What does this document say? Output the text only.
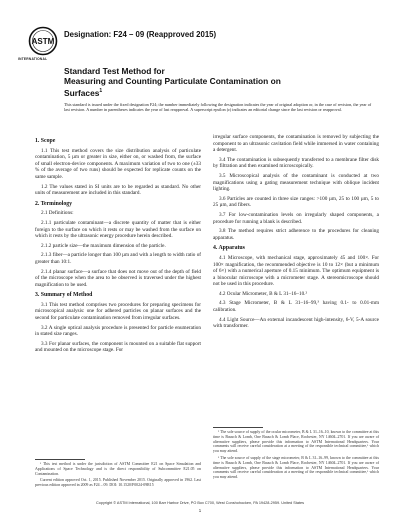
ASTM
INTERNATIONAL
Designation: F24 – 09 (Reapproved 2015)
Standard Test Method for
Measuring and Counting Particulate Contamination on
Surfaces$^1$
This standard is issued under the fixed designation F24; the number immediately following the designation indicates the year of original adoption or, in the case of revision, the year of last revision. A number in parentheses indicates the year of last reapproval. A superscript epsilon (ε) indicates an editorial change since the last revision or reapproval.
1. Scope

1.1 This test method covers the size distribution analysis of particulate contamination, 5 µm or greater in size, either on, or washed from, the surface of small electron-device components. A maximum variation of two to one (±33 % of the average of two runs) should be expected for replicate counts on the same sample.

1.2 The values stated in SI units are to be regarded as standard. No other units of measurement are included in this standard.

2. Terminology

2.1 Definitions:

2.1.1 particulate contaminant—a discrete quantity of matter that is either foreign to the surface on which it rests or may be washed from the surface on which it rests by the ultrasonic energy procedure herein described.

2.1.2 particle size—the maximum dimension of the particle.

2.1.3 fiber—a particle longer than 100 µm and with a length to width ratio of greater than 10:1.

2.1.4 planar surface—a surface that does not move out of the depth of field of the microscope when the area to be observed is traversed under the highest magnification to be used.

3. Summary of Method

3.1 This test method comprises two procedures for preparing specimens for microscopical analysis: one for adhered particles on planar surfaces and the second for particulate contamination removed from irregular surfaces.

3.2 A single optical analysis procedure is presented for particle enumeration in stated size ranges.

3.3 For planar surfaces, the component is mounted on a suitable flat support and mounted on the microscope stage. For

irregular surface components, the contamination is removed by subjecting the component to an ultrasonic cavitation field while immersed in water containing a detergent.

3.4 The contamination is subsequently transferred to a membrane filter disk by filtration and then examined microscopically.

3.5 Microscopical analysis of the contaminant is conducted at two magnifications using a gating measurement technique with oblique incident lighting.

3.6 Particles are counted in three size ranges: >100 µm, 25 to 100 µm, 5 to 25 µm, and fibers.

3.7 For low-contamination levels on irregularly shaped components, a procedure for running a blank is described.

3.8 The method requires strict adherence to the procedures for cleaning apparatus.

4. Apparatus

4.1 Microscope, with mechanical stage, approximately 45 and 100×. For 100× magnification, the recommended objective is 10 to 12× (but a minimum of 6×) with a numerical aperture of 0.15 minimum. The optimum equipment is a binocular microscope with a micrometer stage. A stereomicroscope should not be used in this procedure.

4.2 Ocular Micrometer, B & L 31–16–10.²

4.3 Stage Micrometer, B & L 31–16–99,³ having 0.1- to 0.01-mm calibration.

4.4 Light Source—An external incandescent high-intensity, 6-V, 5-A source with transformer.

¹ This test method is under the jurisdiction of ASTM Committee E21 on Space Simulation and Applications of Space Technology and is the direct responsibility of Subcommittee E21.05 on Contamination.

Current edition approved Oct. 1, 2015. Published November 2015. Originally approved in 1962. Last previous edition approved in 2009 as F24 – 09. DOI: 10.1520/F0024-09R15

² The sole source of supply of the ocular micrometer, B & L 31–16–10, known to the committee at this time is Bausch & Lomb, One Bausch & Lomb Place, Rochester, NY 14604–2701. If you are aware of alternative suppliers, please provide this information to ASTM International Headquarters. Your comments will receive careful consideration at a meeting of the responsible technical committee,¹ which you may attend.

³ The sole source of supply of the stage micrometer, B & L 31–16–99, known to the committee at this time is Bausch & Lomb, One Bausch & Lomb Place, Rochester, NY 14604–2701. If you are aware of alternative suppliers, please provide this information to ASTM International Headquarters. Your comments will receive careful consideration at a meeting of the responsible technical committee,¹ which you may attend.

Copyright © ASTM International, 100 Barr Harbor Drive, PO Box C700, West Conshohocken, PA 19428-2959. United States
1
